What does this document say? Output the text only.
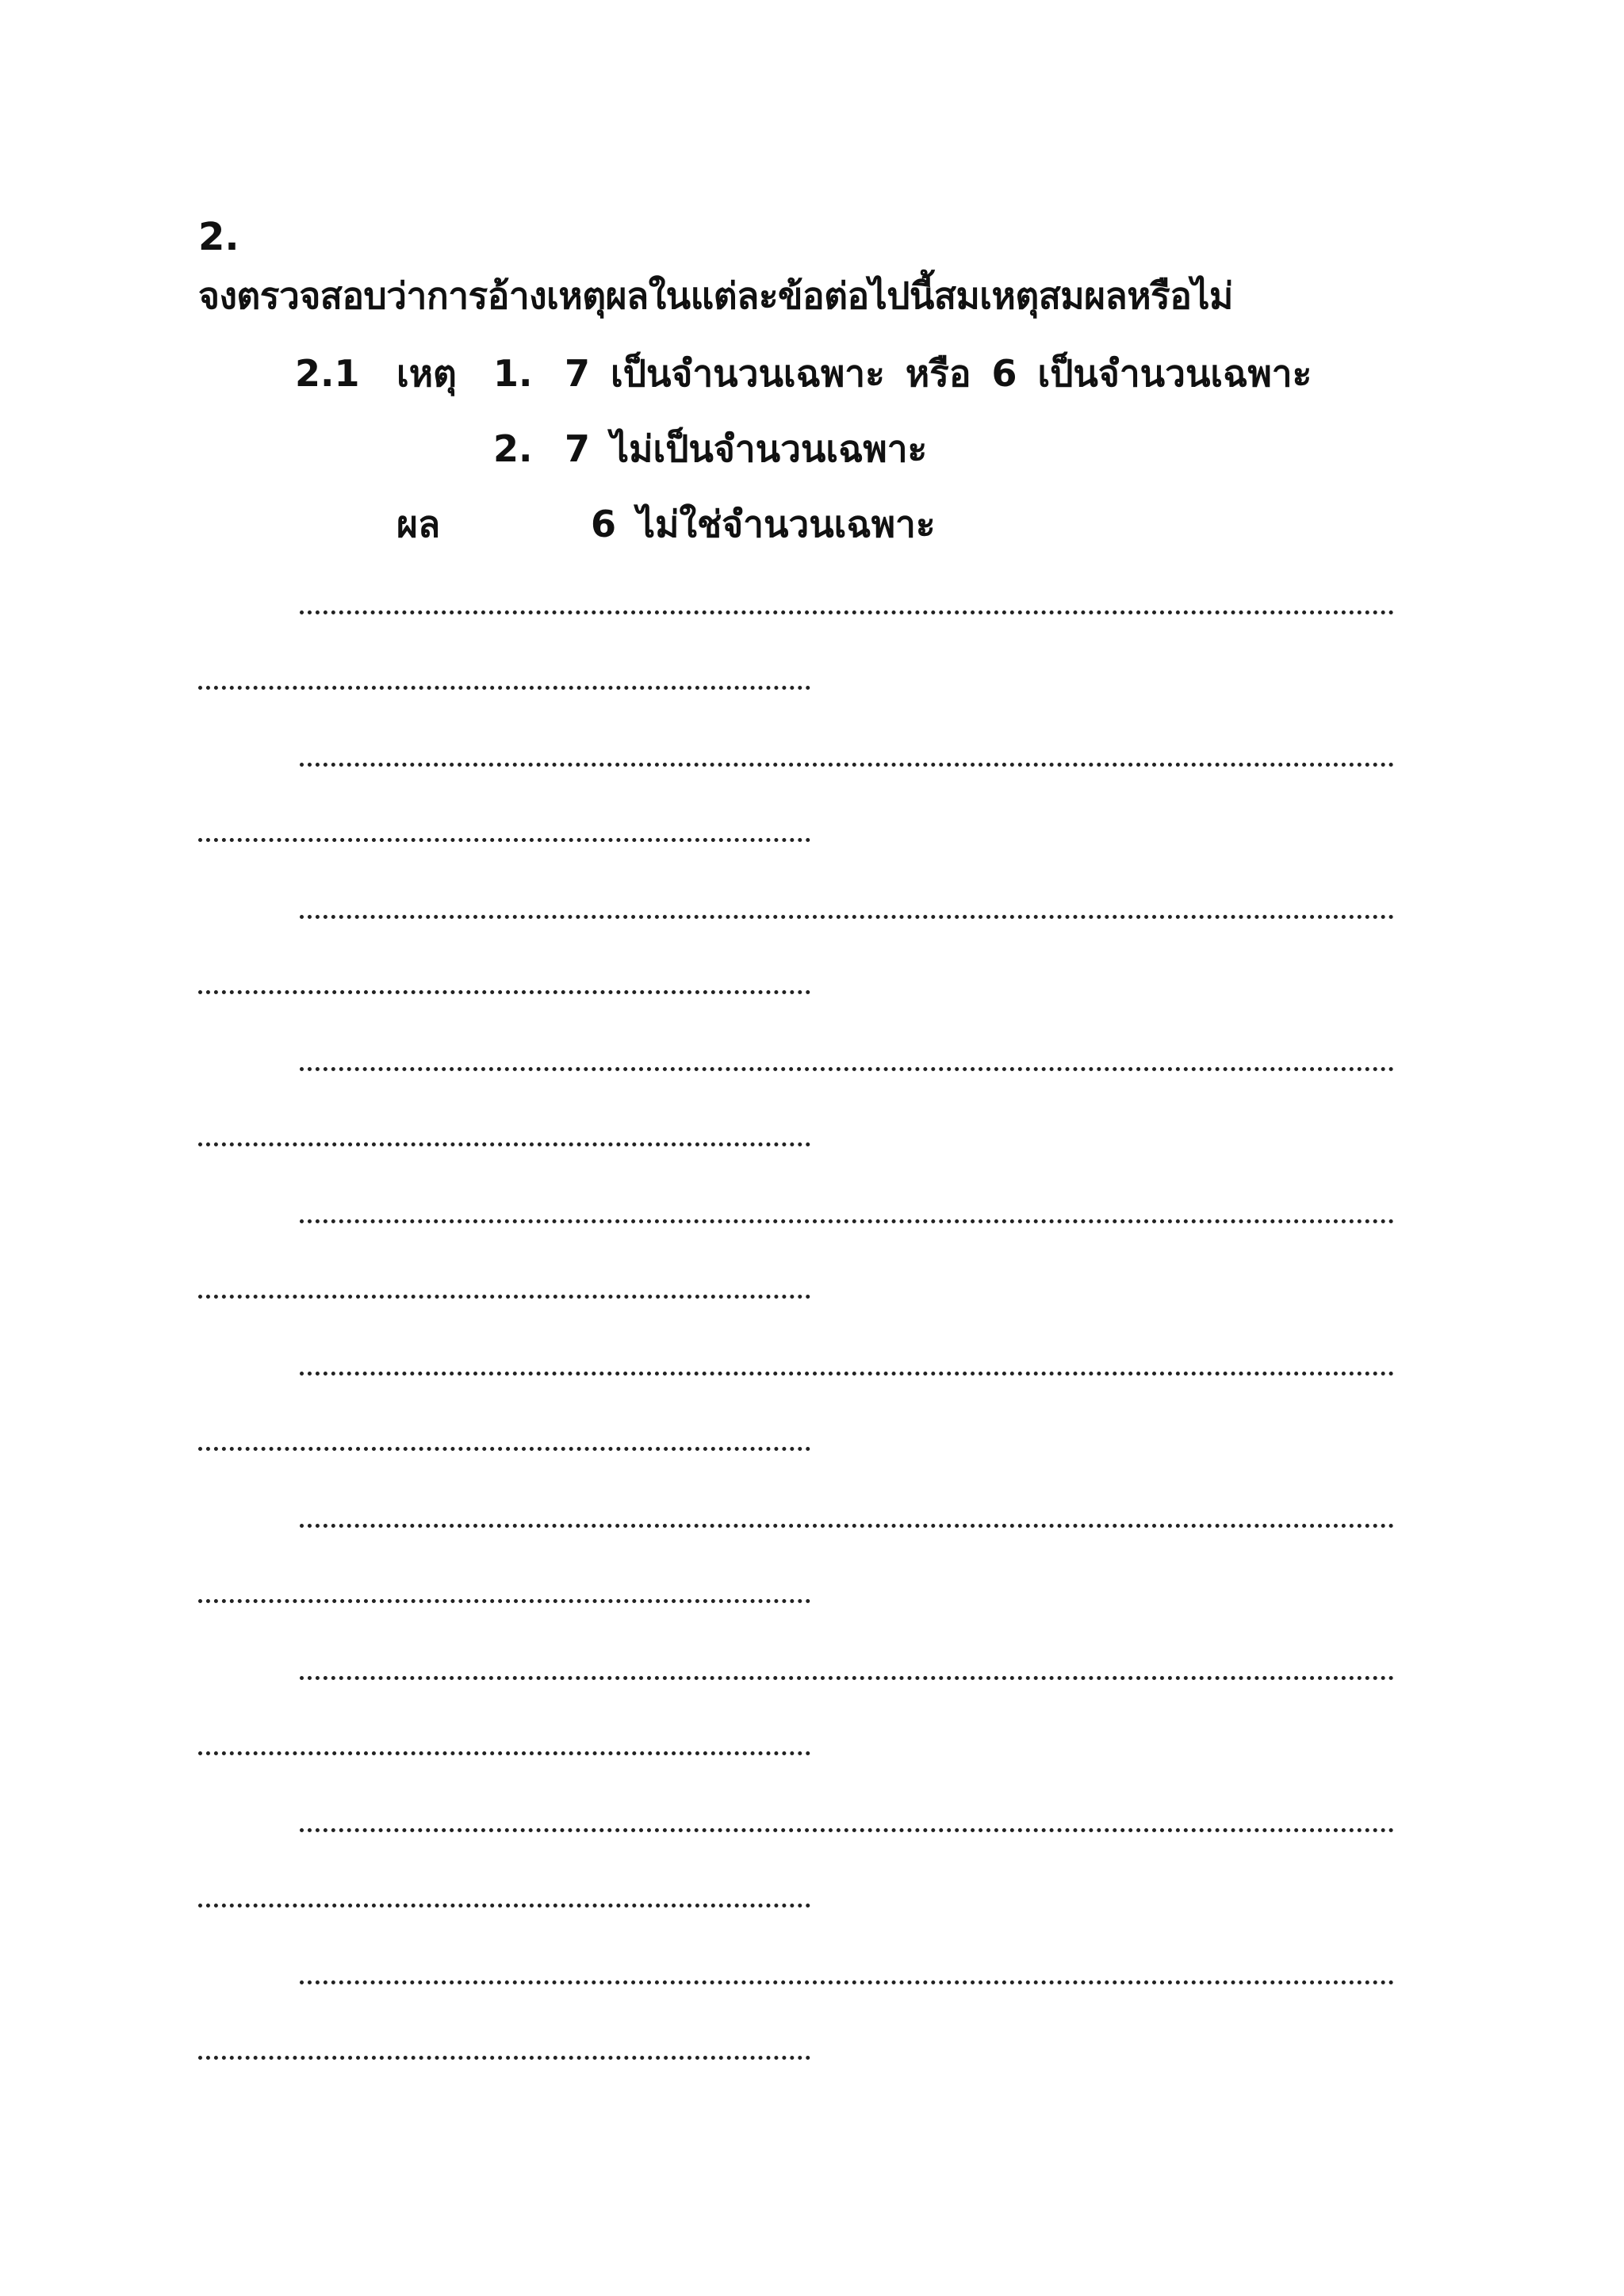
2.
จงตรวจสอบว่าการอ้างเหตุผลในแต่ละข้อต่อไปนี้สมเหตุสมผลหรือไม่
2.1 เหตุ 1. 7 เป็นจำนวนเฉพาะ หรือ 6 เป็นจำนวนเฉพาะ
2. 7 ไม่เป็นจำนวนเฉพาะ
ผล	6 ไม่ใช่จำนวนเฉพาะ
